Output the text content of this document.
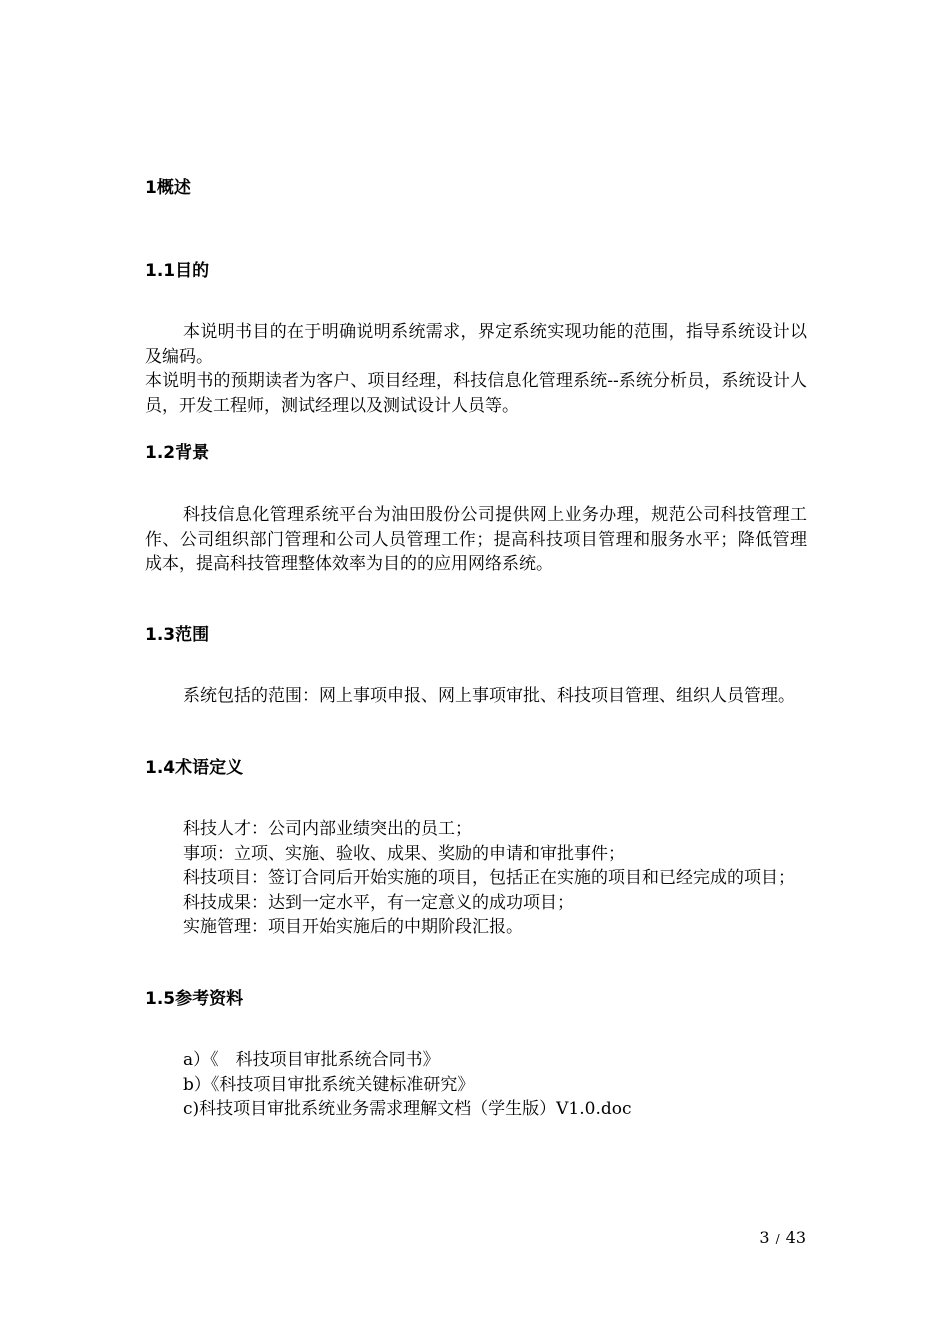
1概述
1.1目的

本说明书目的在于明确说明系统需求，界定系统实现功能的范围，指导系统设计以及编码。

本说明书的预期读者为客户、项目经理，科技信息化管理系统--系统分析员，系统设计人员，开发工程师，测试经理以及测试设计人员等。

1.2背景

科技信息化管理系统平台为油田股份公司提供网上业务办理，规范公司科技管理工作、公司组织部门管理和公司人员管理工作；提高科技项目管理和服务水平；降低管理成本，提高科技管理整体效率为目的的应用网络系统。

1.3范围

系统包括的范围：网上事项申报、网上事项审批、科技项目管理、组织人员管理。

1.4术语定义

科技人才：公司内部业绩突出的员工；

事项：立项、实施、验收、成果、奖励的申请和审批事件；

科技项目：签订合同后开始实施的项目，包括正在实施的项目和已经完成的项目；

科技成果：达到一定水平，有一定意义的成功项目；

实施管理：项目开始实施后的中期阶段汇报。

1.5参考资料

a）《　科技项目审批系统合同书》

b）《科技项目审批系统关键标准研究》

c)科技项目审批系统业务需求理解文档（学生版）V1.0.doc

3 / 43
